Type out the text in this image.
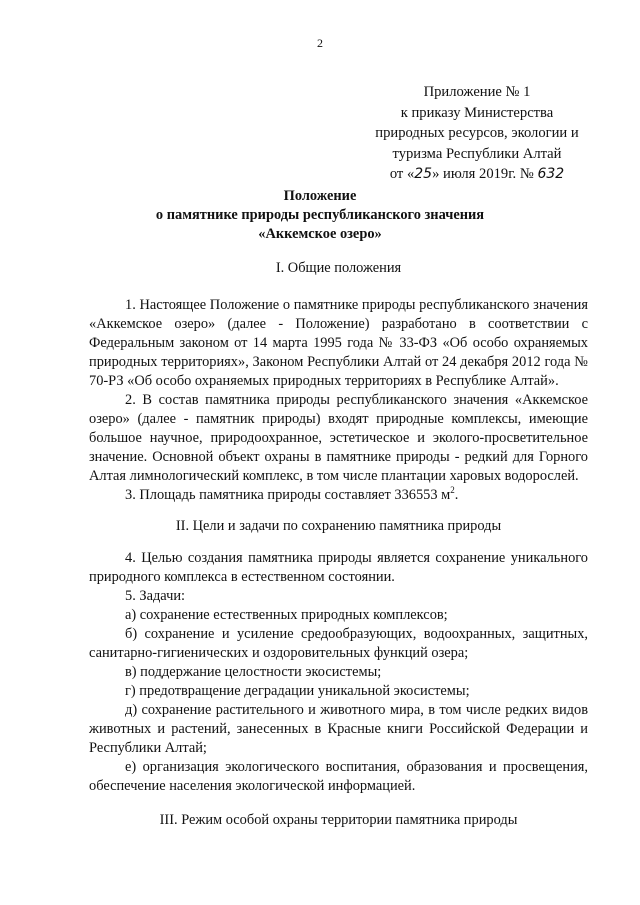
2
Приложение № 1
к приказу Министерства
природных ресурсов, экологии и
туризма Республики Алтай
от «25» июля 2019г. № 632
Положение
о памятнике природы республиканского значения
«Аккемское озеро»
I. Общие положения

1. Настоящее Положение о памятнике природы республиканского значения «Аккемское озеро» (далее - Положение) разработано в соответствии с Федеральным законом от 14 марта 1995 года № 33-ФЗ «Об особо охраняемых природных территориях», Законом Республики Алтай от 24 декабря 2012 года № 70-РЗ «Об особо охраняемых природных территориях в Республике Алтай».

2. В состав памятника природы республиканского значения «Аккемское озеро» (далее - памятник природы) входят природные комплексы, имеющие большое научное, природоохранное, эстетическое и эколого-просветительное значение. Основной объект охраны в памятнике природы - редкий для Горного Алтая лимнологический комплекс, в том числе плантации харовых водорослей.

3. Площадь памятника природы составляет 336553 $м^2$.

II. Цели и задачи по сохранению памятника природы

4. Целью создания памятника природы является сохранение уникального природного комплекса в естественном состоянии.

5. Задачи:

а) сохранение естественных природных комплексов;

б) сохранение и усиление средообразующих, водоохранных, защитных, санитарно-гигиенических и оздоровительных функций озера;

в) поддержание целостности экосистемы;

г) предотвращение деградации уникальной экосистемы;

д) сохранение растительного и животного мира, в том числе редких видов животных и растений, занесенных в Красные книги Российской Федерации и Республики Алтай;

е) организация экологического воспитания, образования и просвещения, обеспечение населения экологической информацией.

III. Режим особой охраны территории памятника природы
